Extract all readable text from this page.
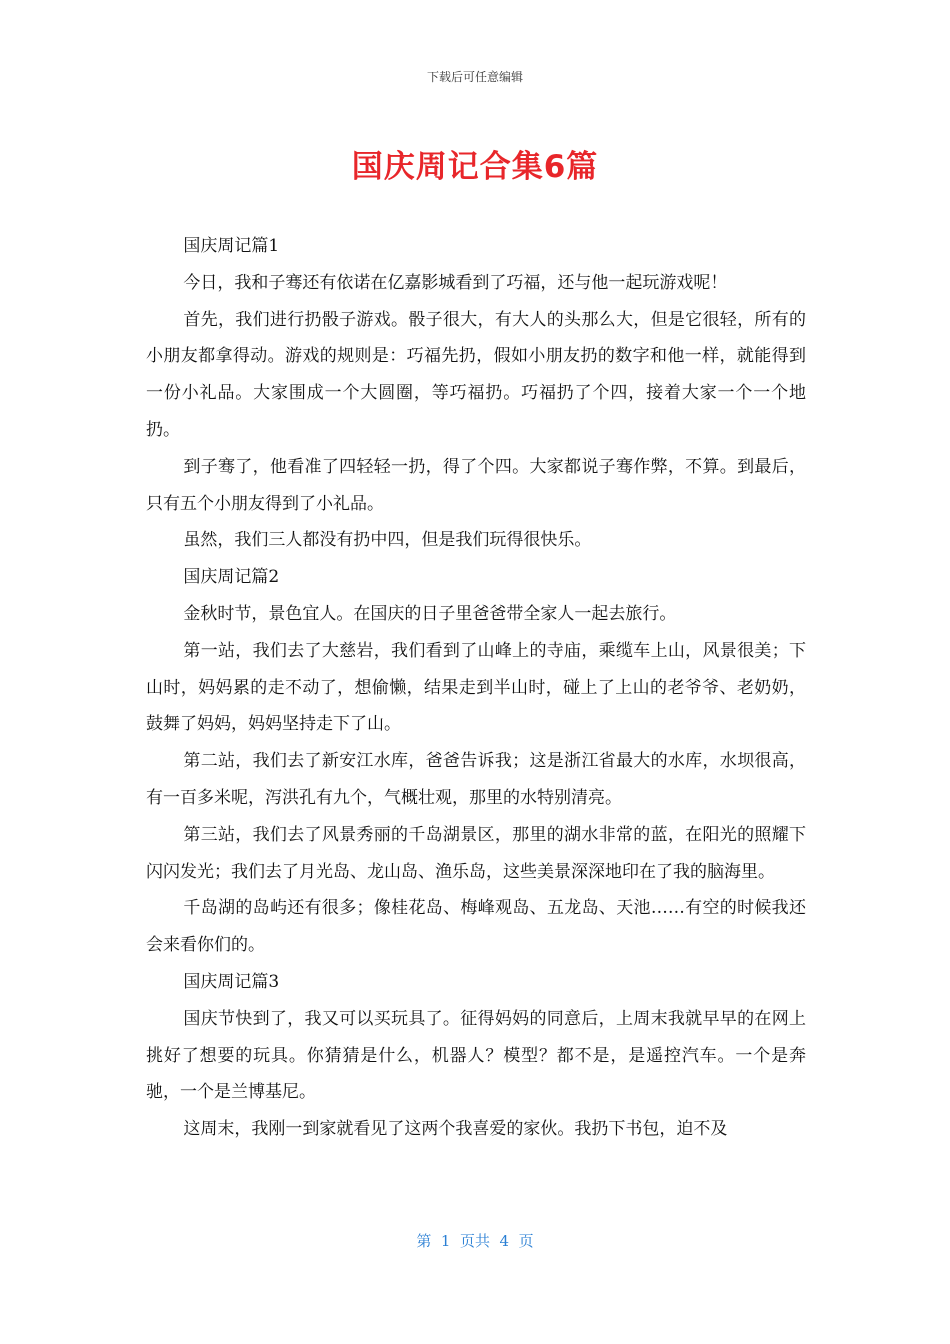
下载后可任意编辑
国庆周记合集6篇

国庆周记篇1

今日，我和子骞还有依诺在亿嘉影城看到了巧福，还与他一起玩游戏呢！

首先，我们进行扔骰子游戏。骰子很大，有大人的头那么大，但是它很轻，所有的小朋友都拿得动。游戏的规则是：巧福先扔，假如小朋友扔的数字和他一样，就能得到一份小礼品。大家围成一个大圆圈，等巧福扔。巧福扔了个四，接着大家一个一个地扔。

到子骞了，他看准了四轻轻一扔，得了个四。大家都说子骞作弊，不算。到最后，只有五个小朋友得到了小礼品。

虽然，我们三人都没有扔中四，但是我们玩得很快乐。

国庆周记篇2

金秋时节，景色宜人。在国庆的日子里爸爸带全家人一起去旅行。

第一站，我们去了大慈岩，我们看到了山峰上的寺庙，乘缆车上山，风景很美；下山时，妈妈累的走不动了，想偷懒，结果走到半山时，碰上了上山的老爷爷、老奶奶，鼓舞了妈妈，妈妈坚持走下了山。

第二站，我们去了新安江水库，爸爸告诉我；这是浙江省最大的水库，水坝很高，有一百多米呢，泻洪孔有九个，气概壮观，那里的水特别清亮。

第三站，我们去了风景秀丽的千岛湖景区，那里的湖水非常的蓝，在阳光的照耀下闪闪发光；我们去了月光岛、龙山岛、渔乐岛，这些美景深深地印在了我的脑海里。

千岛湖的岛屿还有很多；像桂花岛、梅峰观岛、五龙岛、天池……有空的时候我还会来看你们的。

国庆周记篇3

国庆节快到了，我又可以买玩具了。征得妈妈的同意后，上周末我就早早的在网上挑好了想要的玩具。你猜猜是什么，机器人？模型？都不是，是遥控汽车。一个是奔驰，一个是兰博基尼。

这周末，我刚一到家就看见了这两个我喜爱的家伙。我扔下书包，迫不及

第  1  页共  4  页
